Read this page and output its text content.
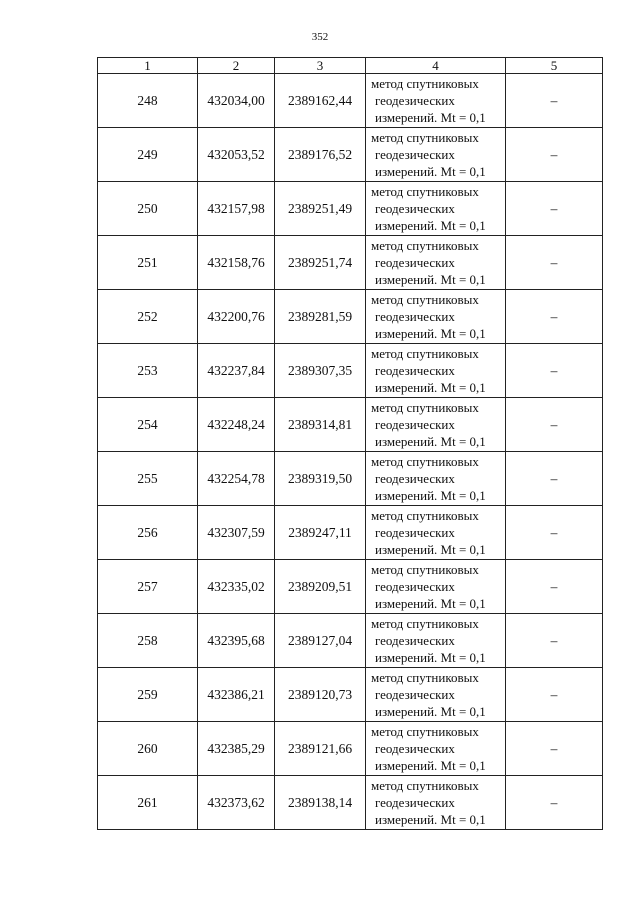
352
1	2	3	4	5
248	432034,00	2389162,44	метод спутниковых
геодезических
измерений. Mt = 0,1	–
249	432053,52	2389176,52	метод спутниковых
геодезических
измерений. Mt = 0,1	–
250	432157,98	2389251,49	метод спутниковых
геодезических
измерений. Mt = 0,1	–
251	432158,76	2389251,74	метод спутниковых
геодезических
измерений. Mt = 0,1	–
252	432200,76	2389281,59	метод спутниковых
геодезических
измерений. Mt = 0,1	–
253	432237,84	2389307,35	метод спутниковых
геодезических
измерений. Mt = 0,1	–
254	432248,24	2389314,81	метод спутниковых
геодезических
измерений. Mt = 0,1	–
255	432254,78	2389319,50	метод спутниковых
геодезических
измерений. Mt = 0,1	–
256	432307,59	2389247,11	метод спутниковых
геодезических
измерений. Mt = 0,1	–
257	432335,02	2389209,51	метод спутниковых
геодезических
измерений. Mt = 0,1	–
258	432395,68	2389127,04	метод спутниковых
геодезических
измерений. Mt = 0,1	–
259	432386,21	2389120,73	метод спутниковых
геодезических
измерений. Mt = 0,1	–
260	432385,29	2389121,66	метод спутниковых
геодезических
измерений. Mt = 0,1	–
261	432373,62	2389138,14	метод спутниковых
геодезических
измерений. Mt = 0,1	–
